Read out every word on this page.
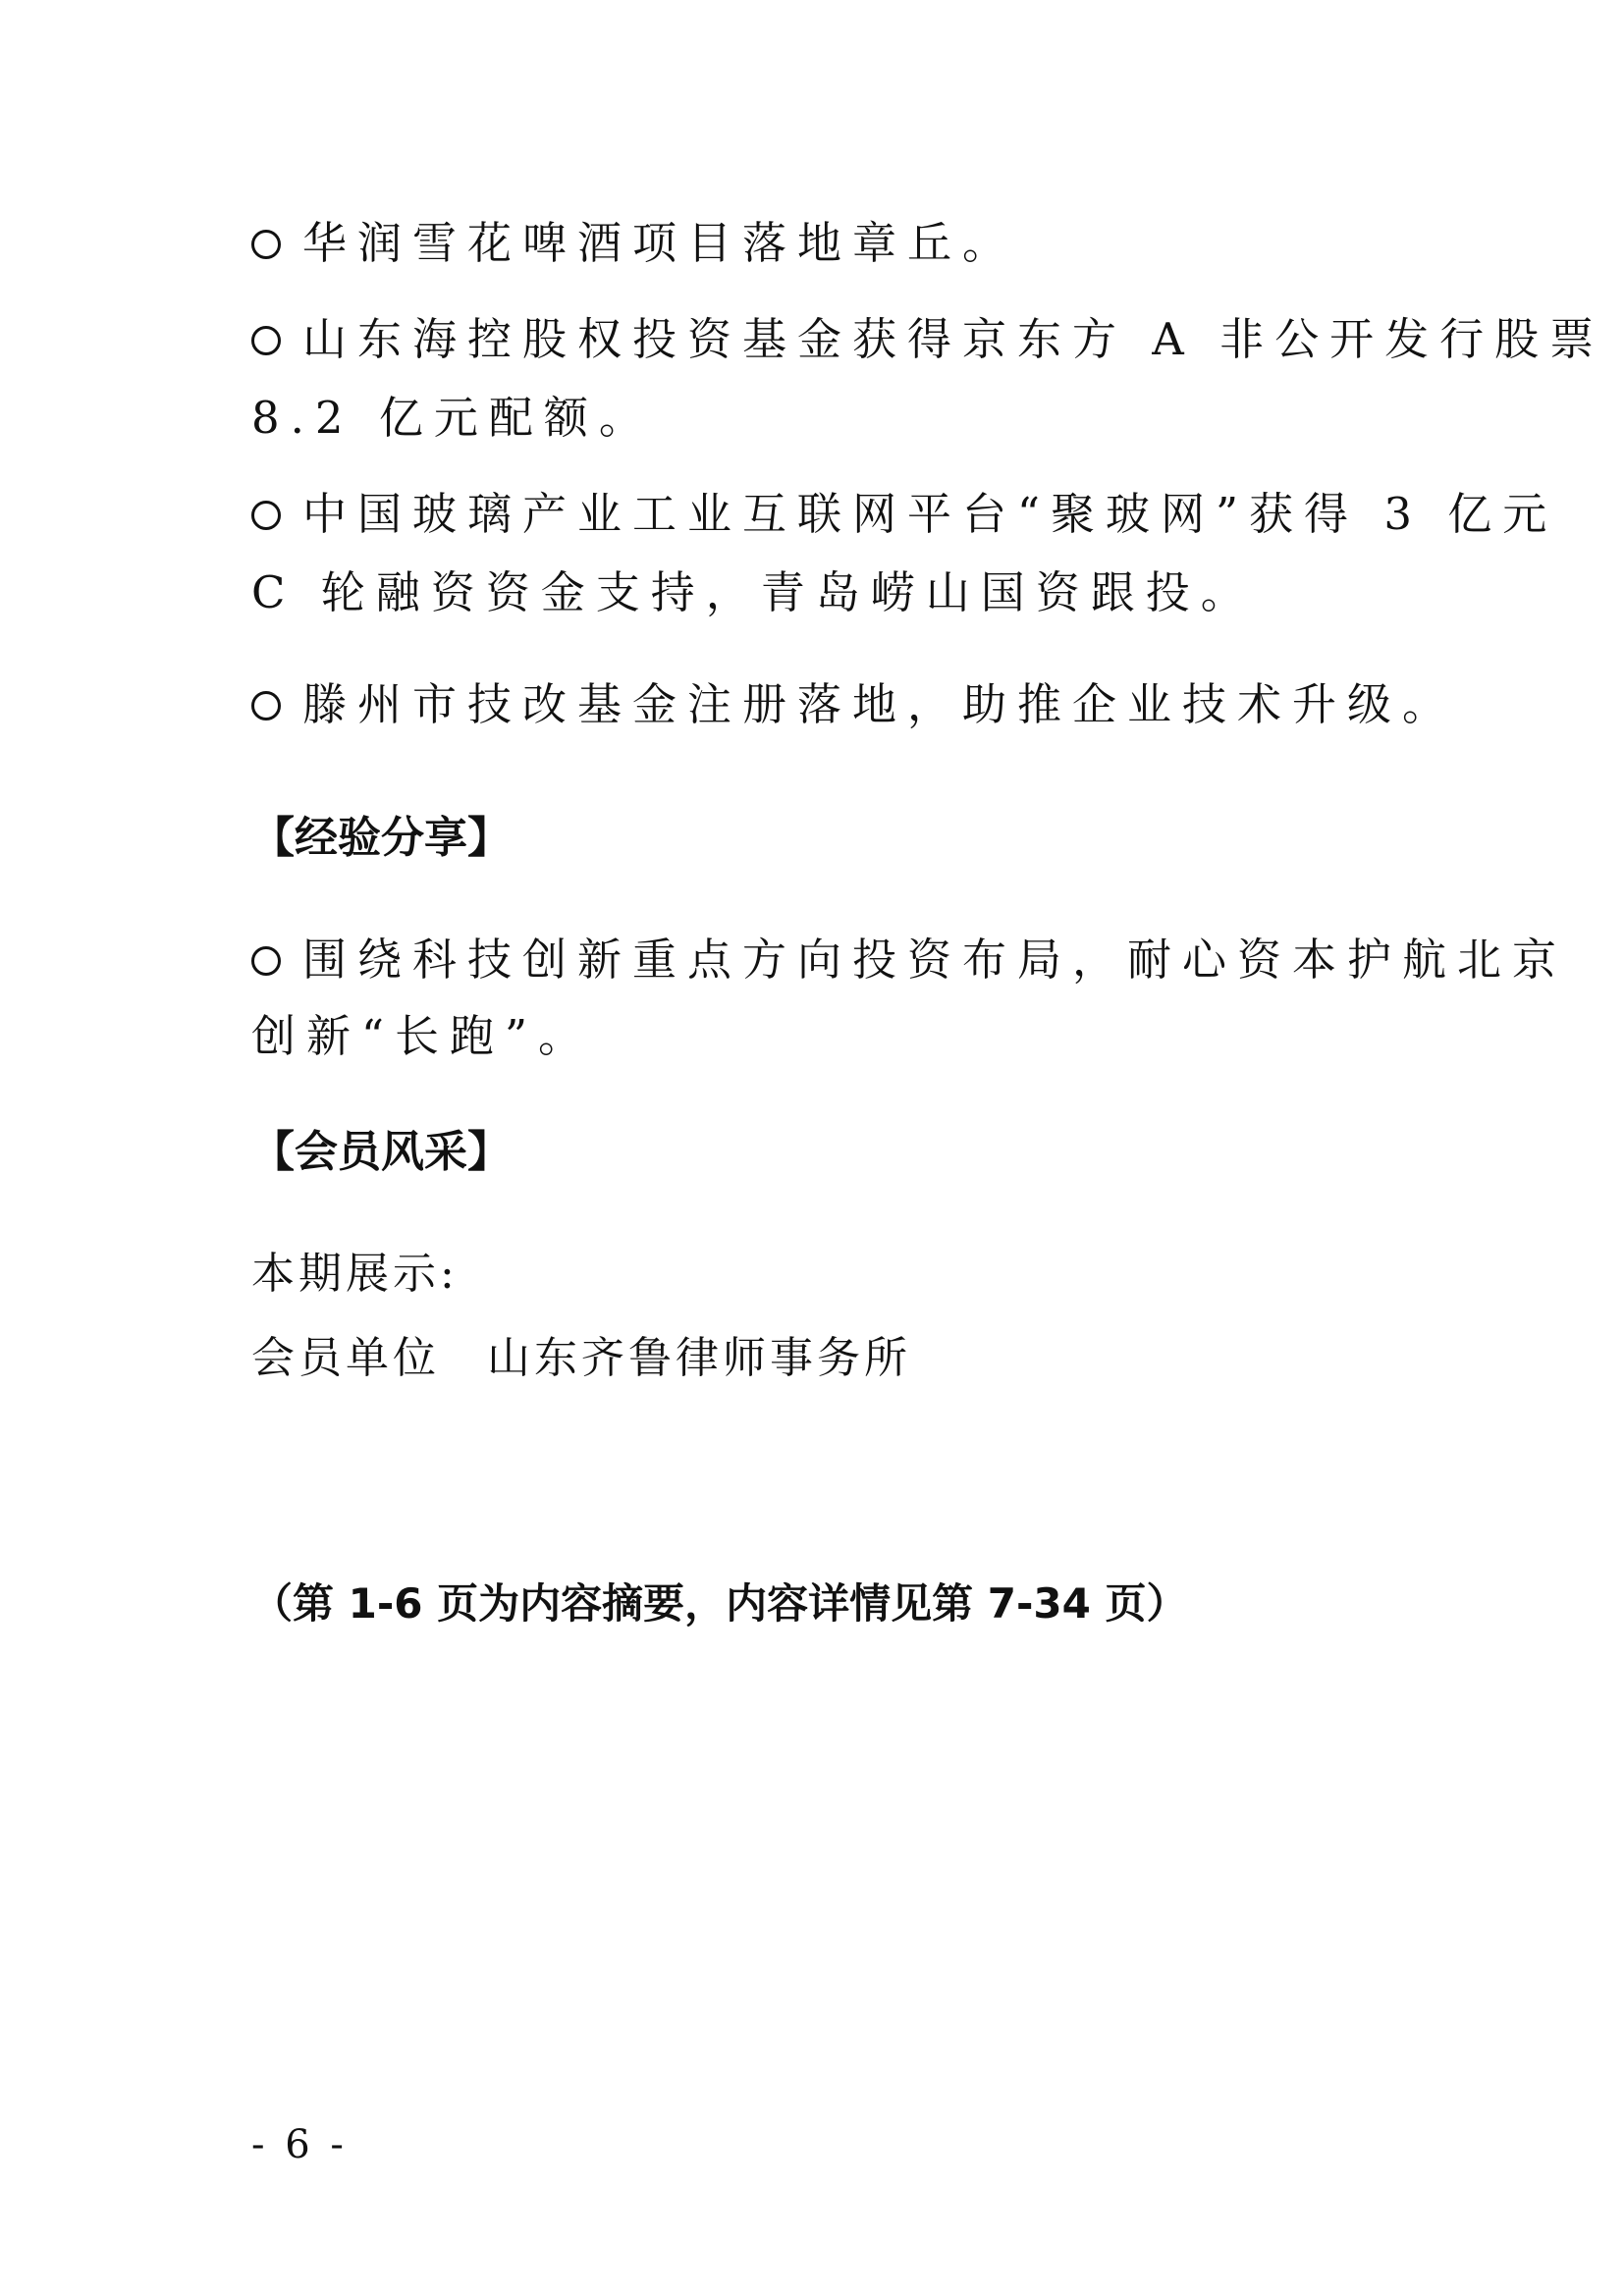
华润雪花啤酒项目落地章丘。
山东海控股权投资基金获得京东方 A 非公开发行股票
8.2 亿元配额。
中国玻璃产业工业互联网平台“聚玻网”获得 3 亿元
C 轮融资资金支持，青岛崂山国资跟投。
滕州市技改基金注册落地，助推企业技术升级。
【经验分享】
围绕科技创新重点方向投资布局，耐心资本护航北京
创新“长跑”。
【会员风采】
本期展示:
会员单位 山东齐鲁律师事务所
（第 1-6 页为内容摘要，内容详情见第 7-34 页）
- 6 -
